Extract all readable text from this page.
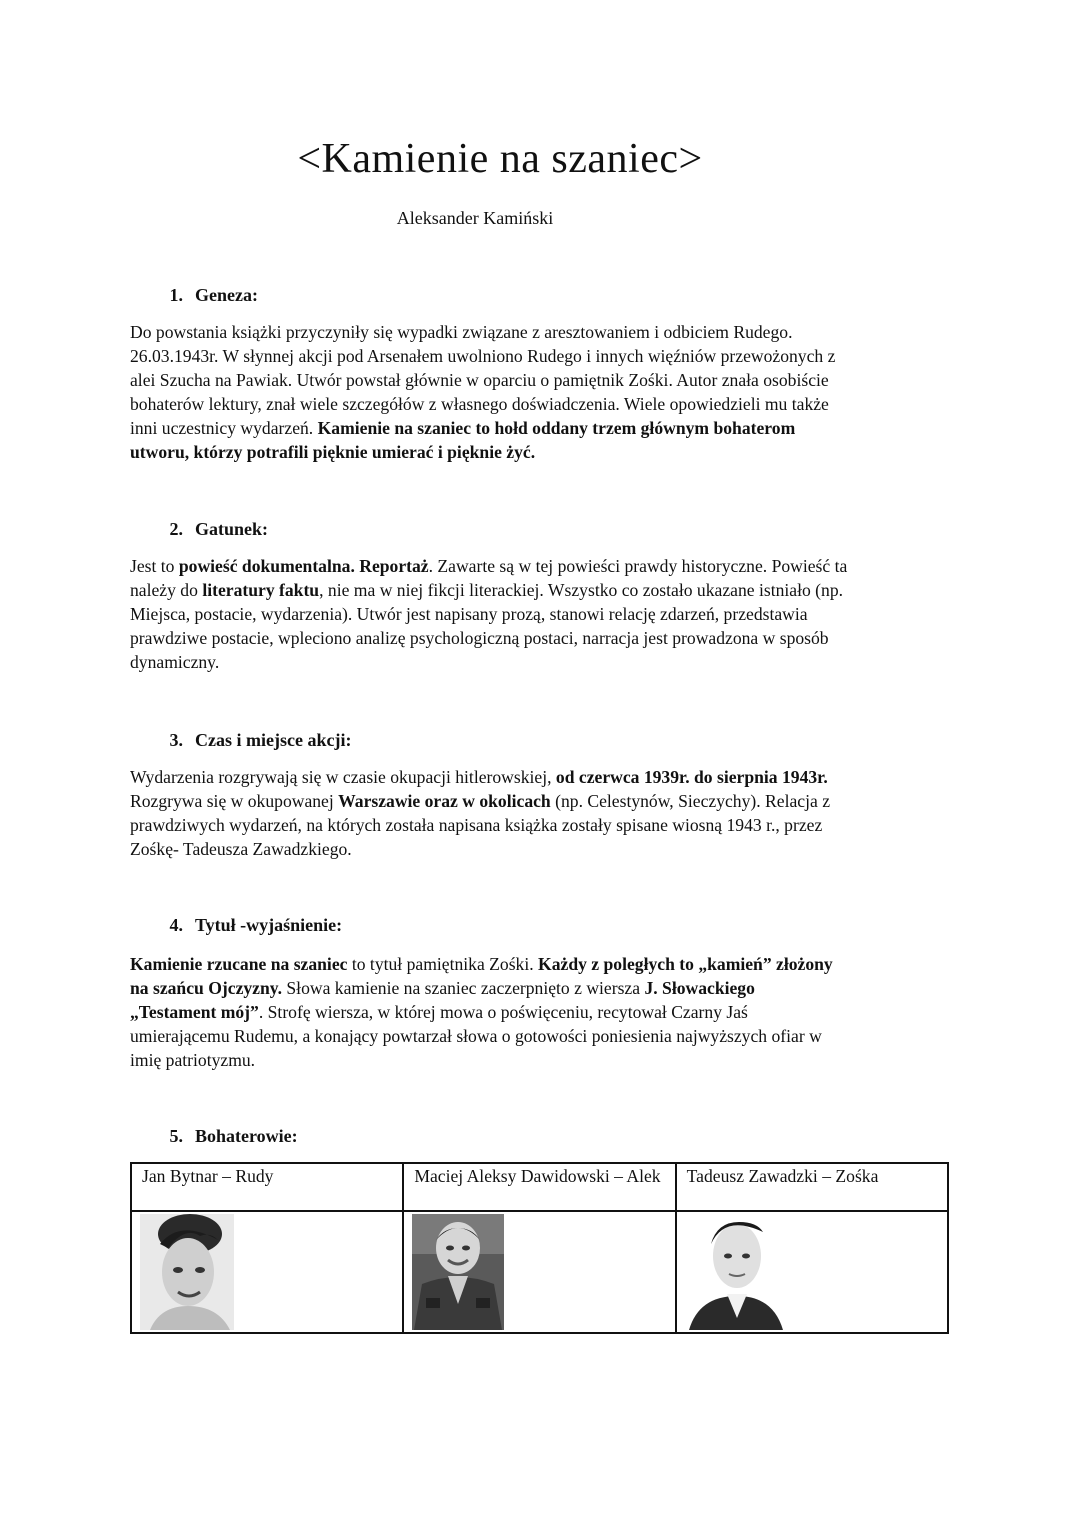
<Kamienie na szaniec>
Aleksander Kamiński
1. Geneza:

Do powstania książki przyczyniły się wypadki związane z aresztowaniem i odbiciem Rudego.
26.03.1943r. W słynnej akcji pod Arsenałem uwolniono Rudego i innych więźniów przewożonych z
alei Szucha na Pawiak. Utwór powstał głównie w oparciu o pamiętnik Zośki. Autor znała osobiście
bohaterów lektury, znał wiele szczegółów z własnego doświadczenia. Wiele opowiedzieli mu także
inni uczestnicy wydarzeń. Kamienie na szaniec to hołd oddany trzem głównym bohaterom
utworu, którzy potrafili pięknie umierać i pięknie żyć.

2. Gatunek:

Jest to powieść dokumentalna. Reportaż. Zawarte są w tej powieści prawdy historyczne. Powieść ta
należy do literatury faktu, nie ma w niej fikcji literackiej. Wszystko co zostało ukazane istniało (np.
Miejsca, postacie, wydarzenia). Utwór jest napisany prozą, stanowi relację zdarzeń, przedstawia
prawdziwe postacie, wpleciono analizę psychologiczną postaci, narracja jest prowadzona w sposób
dynamiczny.

3. Czas i miejsce akcji:

Wydarzenia rozgrywają się w czasie okupacji hitlerowskiej, od czerwca 1939r. do sierpnia 1943r.
Rozgrywa się w okupowanej Warszawie oraz w okolicach (np. Celestynów, Sieczychy). Relacja z
prawdziwych wydarzeń, na których została napisana książka zostały spisane wiosną 1943 r., przez
Zośkę- Tadeusza Zawadzkiego.

4. Tytuł -wyjaśnienie:

Kamienie rzucane na szaniec to tytuł pamiętnika Zośki. Każdy z poległych to „kamień” złożony
na szańcu Ojczyzny. Słowa kamienie na szaniec zaczerpnięto z wiersza J. Słowackiego
„Testament mój”. Strofę wiersza, w której mowa o poświęceniu, recytował Czarny Jaś
umierającemu Rudemu, a konający powtarzał słowa o gotowości poniesienia najwyższych ofiar w
imię patriotyzmu.

5. Bohaterowie:
Jan Bytnar – Rudy	Maciej Aleksy Dawidowski – Alek	Tadeusz Zawadzki – Zośka
